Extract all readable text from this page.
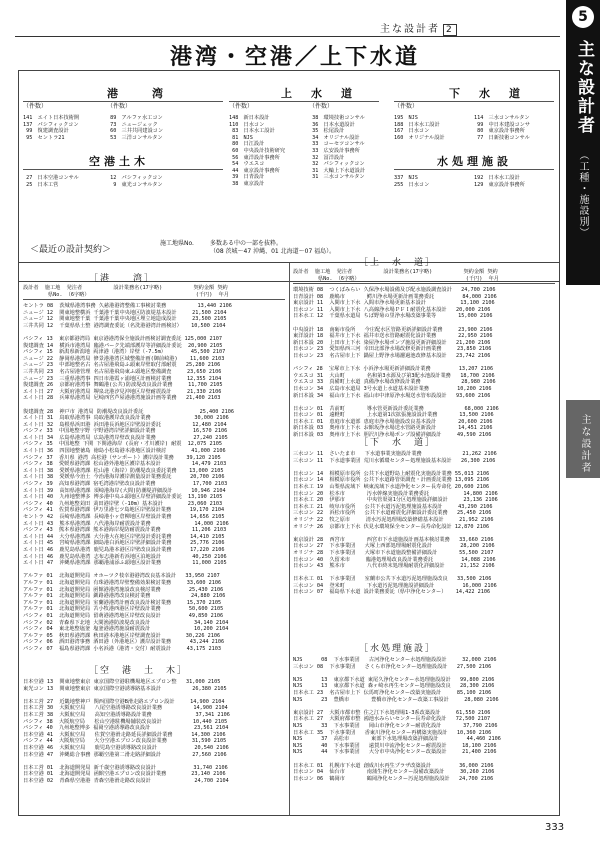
主な設計者 2
港湾・空港／上下水道
5
主な設計者
（工種・施設別）
主な設計者
港　　湾	上　水　道	下　水　道
（件数）	（件数）	（件数）	（件数）	（件数）
141　エイト日本技術開
137　パシフィックコン
99　復建調査設計
95　セントラ21
89　アルファ水工コン
73　ニュージェック
60　三井共同建設コン
53　三洋コンサルタン
148　新日本設計
110　日水コン
83　日本水工設計
81　NJS
80　日江設計
60　中央設計技術研究
56　東洋設計事務所
54　ウエスコ
44　東京設計事務所
39　日青設計
38　東京設計
38　環境技術コンサル
36　日本水道設計
35　松尾設計
34　オリジナル設計
33　コーセツコンサル
33　広安設計事務所
32　冨洋設計
32　パシフィックコン
31　大輪上下水道設計
31　三水コンサルタン
195　NJS
188　日本水工設計
167　日水コン
160　オリジナル設計
114　三水コンサルタン
99　中日本建設コンサ
80　東京設計事務所
77　日新技術コンサル
空港土木
27　日本空港コンサル
25　日本工営
12　パシフィックコン
9　東光コンサルタン
水処理施設
337　NJS
255　日水コン
192　日本水工設計
129　東京設計事務所
＜最近の設計契約＞
施工地県No.	多数ある中の一部を抜粋。
（08 茨城～47 沖縄、01 北海道～07 福島）。
［港　　湾］
設計者  施工地  発注者          設計業務名(17字略)          契約金額 契約
県No. （6字略）                                  (千円)  年月
セントラ 08  茨城県港湾事務 久慈港港湾整備工事検討業務          13,440 2106
ニュージ 12  関東地整横浜 千葉港千葉中央地区防波堤基本設計     21,500 2104
ニュージ 12  関東地整千葉 千葉港千葉中央地区埋立地造成設計     23,500 2105
三井共同 12  千葉県県土整 港湾調査委託（名洗港港湾計画検討）   10,500 2104

パシフィ 13  東京都港湾局 東京港港湾保全施設計画検討調査委託 125,000 2107
復建調査 14  横浜市港湾局 臨港パーク先端部護岸等詳細設計委託  20,900 2105
パシフィ 15  新潟県新潟地 両津港（港湾）岸壁（-7.5m）        45,500 2107
ニュージ 22  静岡県港湾局 修景港港湾区域整備計画(御前崎港)    11,600 2103
ニュージ 23  中部地整名古 名古屋港飛島ふ頭東岸壁取付部耐震   25,280 2106
三井共同 23  名古屋港管理 名古屋港飛鳥東ふ頭地区整備調査     23,650 2106
ニュージ 23  三重県港湾事 四日市港霞ヶ浦地区計画検討業務     12,355 2104
復建調査 26  京都府港湾事 舞鶴港(公共)防波堤改良設計業務     11,700 2105
エイト日 27  大阪府港湾局 堺泉北港汐見沖地区岸壁耐震設計     21,330 2106
エイト日 28  兵庫県港湾局 尼崎西宮芦屋港港湾施設計画等業務   21,400 2103

復建調査 28  神戸市 港湾局 防潮堤改良設計委託                  25,400 2106
エイト日 31  鳥取県港湾事 鳥取港護岸改良設計業務              30,000 2106
エイト日 32  島根県浜田港 浜田港長浜地区岸壁設計委託          12,480 2104
パシフィ 33  中国地整宇野 宇野港湾岸壁詳細設計業務            16,570 2106
エイト日 34  広島県港湾局 広島港湾岸壁改良設計業務            27,240 2105
パシフィ 35  中国地整 下関 下関港海岸 (長府・才川護岸) 耐震  12,075 2105
エイト日 36  四国地整徳島 徳島小松島港本港地区設計検討        41,000 2106
パシフィ 37  香川県 港湾 高松港（サンポート）護岸設計業務    39,120 2105
パシフィ 38  愛媛県港湾課 松山港外港地区護岸基本設計          14,479 2103
エイト日 38  愛媛県港湾課 松山港（海岸）防潮堤改良委託業務    13,000 2105
エイト日 38  愛媛県今治土 今治港海岸護岸測量設計業務委託      20,700 2106
パシフィ 39  高知県港湾課 宿毛湾港岸壁改良設計業務            17,700 2103
エイト日 39  高知県港湾課 須崎港海岸(大間)防潮堤詳細設計      10,946 2104
エイト日 40  九州地整博多 博多港中央ふ頭地区岸壁詳細設計委託  13,190 2105
パシフィ 40  九州地整苅田 苅田港岸壁（-10m）基本設計        23,060 2103
パシフィ 41  佐賀県港湾課 伊万里港七ツ島地区岸壁設計業務      19,170 2104
セントラ 42  長崎県港湾課 長崎港小ヶ倉柳地区岸壁設計業務      14,656 2105
エイト日 43  熊本県港湾課 八代港海岸耐震設計業務              14,000 2106
パシフィ 43  熊本県港湾課 熊本港海岸堤防耐震設計業務          11,206 2103
エイト日 44  大分県港湾課 大分港大在地区岸壁設計委託業務      14,410 2105
エイト日 45  宮崎県港湾課 細島港白浜地区岸壁詳細設計業務      25,776 2106
エイト日 46  鹿児島県港湾 鹿児島港本港区岸壁改良設計業務      17,220 2106
エイト日 46  鹿児島県港湾 志布志港新若浜地区泊地設計          40,250 2106
エイト日 47  沖縄県港湾課 那覇港浦添ふ頭地区設計業務          11,000 2105

アルファ 01  北海道開発局 オホーツク枝幸港港湾改良基本設計   33,950 2107
アルファ 01  北海道開発局 有珠港港湾岸壁整備効果検討業務     33,600 2106
アルファ 01  北海道開発局 函館港港湾施設改良検討業務         25,430 2106
アルファ 01  北海道開発局 釧路港港湾改良検討業務             24,880 2106
アルファ 01  北海道開発局 室蘭港港湾計画改良設計検討業務     15,370 2105
アルファ 01  北海道開発局 苫小牧港西港区岸壁設計業務         50,600 2105
パシフィ 01  北海道開発局 留萌港港湾地区岸壁改良設計         49,850 2106
パシフィ 02  青森県下北地 大間漁港防波堤改良設計              34,140 2104
パシフィ 04  東北地整塩釜 塩釜港港湾施設耐震設計              10,200 2104
アルファ 05  秋田県港湾課 秋田港本港地区岸壁調査設計        30,226 2106
パシフィ 06  酒田港湾事務 酒田港（外港地区）護岸設計業務      43,244 2106
パシフィ 07  福島県港湾課 小名浜港（港湾・交付）耐震設計     43,175 2103
［空　港　土　木］
日本空港 13  関東地整東京 東京国際空港駐機場地区エプロン整   31,000 2105
東光コン 13  関東地整東京 東京国際空港誘導路基本設計          26,380 2105

日本工営 27  近畿地整神戸 関西国際空港B滑走路エプロン設計     14,900 2104
日本工営 30  大阪航空局   八尾空港誘導路改良設計業務          14,900 2104
日本工営 38  大阪航空局   高知空港誘導路設計業務              37,341 2106
パシフィ 38  大阪航空局   松山空港駐機場舗装改良設計          10,440 2105
パシフィ 40  九州地整博多 福岡空港誘導路改良設計              23,561 2104
日本空港 41  大阪航空局   佐賀空港滑走路延長詳細設計業務      14,300 2106
パシフィ 44  大阪航空局   大分空港エプロン改良設計業務        31,590 2105
日本空港 46  大阪航空局   鹿児島空港誘導路改良設計            20,540 2106
日本空港 47  沖縄総合事務 那覇空港第二滑走路詳細設計          27,560 2106

日本工営 01  北海道開発局 新千歳空港誘導路改良設計            31,740 2106
日本空港 01  北海道開発局 函館空港エプロン改良設計業務        23,140 2106
日本空港 02  青森県空港港 青森空港滑走路改良設計              24,700 2104
［上　水　道］
設計者  施工地  発注者          設計業務名(17字略)          契約金額 契約
県No. （6字略）                                  (千円)  年月
環境技術 08  つくばみらい 久保浄水場設備及び配水施設調査設計   24,700 2106
日青設計 08  鹿嶋市       鰐川浄水場更新計画業務委託         84,000 2106
東京設計 11  入間市上下水 入間市浄水場更新基本設計           13,100 2106
日水コン 11  入間市上下水 八高線浄水場ＰＦＩ耐震化基本設計   20,000 2106
日本水工 12  千葉県水道局 ちば野菊の里浄水場改築事業等       15,000 2106

中央設計 18  南砺市役所   今庄配水区管路更新詳細設計業務     23,900 2106
東洋設計 18  福井市上下水 福井市送水管路耐震化設計業務       22,950 2106
新日本設 20  上田市上下水 染屋浄水場ポンプ施設更新詳細設計   21,200 2106
日水コン 23  愛知県西三河 幸田北部浄水場改修更新計画業務     23,850 2106
日水コン 23  名古屋市上下 鍋屋上野浄水場濾過池改修基本設計   23,742 2106

パシフィ 28  宝塚市上下水 小浜浄水場更新詳細設計業務         13,207 2106
ウエスコ 31  大山町       名和第3水源及び第3配水池設計業務   18,700 2106
ウエスコ 33  真備町上水道 真備浄水場改修設計業務             28,980 2106
日水コン 34  広島市水道局 3号水道上水道基本設計業務         10,200 2106
新日本設 34  福山市上下水 福山市中津原浄水場送水管布設設計   93,600 2106

日水コン 01  苫前町       導水管更新設計委託業務             68,000 2106
日水コン 01  遠軽町       上水道第1次拡張施設設計業務       13,500 2106
日本水工 01  恵庭市水道部 恵庭市浄水場施設改良基本設計       20,600 2106
新日本設 03  奥州市上下水 お館坂浄水場送水管路更新設計       14,451 2106
新日本設 03  奥州市上下水 胆沢川浄水場ポンプ設備詳細設計     49,590 2106
［下　水　道］
三水コン 11  さいたま市   下水道事業実施設計業務             21,262 2106
三水コン 11  下水道事業団 荒川水循環センター処理施設基本設計   26,300 2106

日水コン 14  相模原市役所 公共下水道野島上耐震化実施設計業務 55,013 2106
日水コン 14  相模原市役所 公共下水道路管渠調査・計画委託業務 13,095 2106
日本水工 19  山梨県流域下 峡東流域下水道浄化センター長寿命化 20,600 2106
日水コン 20  松本市       汚水幹線実施設計業務委託           14,800 2106
日本水工 20  伊那市       中央管渠第1分区処理施設詳細設計     23,136 2106
日本水工 21  岐阜市役所   公共下水道汚泥処理施設基本設計     43,290 2106
三水コン 22  浜松市役所   公共下水道耐震化詳細設計委託業務   25,450 2106
オリジナ 22  牧之原市     清水汚泥処理場改築修繕基本設計     21,952 2106
オリジナ 26  京都市上下水 伏見水環境保全センター長寿命化設計 12,870 2106

東京設計 28  西宮市       西宮市下水道施設計画基本検討業務   33,660 2106
日水コン 27  下水事業団   大塚上西部処理場耐震化設計         28,200 2106
オリジナ 28  下水事業団   大塚市下水道施設整備詳細設計       55,500 2107
日水コン 40  久留米市     臨港処理場改良設計業務委託         14,088 2106
日水コン 43  熊本市       八代市終末処理場耐震化詳細設計     21,152 2106

日本水工 01  下水事業団   室蘭市公共下水道汚泥処理施設改良   33,500 2106
三水コン 04  登米町       下水道汚泥処理施設詳細設計         16,000 2106
日水コン 07  福島県下水道 設計業務委託（県中浄化センター）   14,422 2106
［水処理施設］
NJS      08  下水事業団   古河浄化センター水処理施設設計     32,000 2106
三水コン 08  下水事業団   さくら市浄化センター処理施設設計   27,500 2106

NJS      13  東京都下水道 東尾久浄化センター水処理施設設計   99,800 2106
NJS      13  東京都下水道 森ヶ崎水再生センター処理施設改良   28,300 2106
日本水工 23  名古屋市上下 伝馬町浄化センター改築実施設計     85,100 2106
NJS      23  豊橋市       豊橋市浄化センター改築工事設計     28,080 2106

東京設計 27  大阪市都市整 住之江下水処理場1-3系改築設計     61,550 2106
日本水工 27  大阪府都市整 鴻池水みらいセンター長寿命化設計   72,500 2107
NJS      33  下水事業団   岡山市浄化センター耐震化設計       37,790 2106
日本水工 35  下水事業団   香東川浄化センター再構築実施設計   10,360 2106
NJS      37  高松市       東部下水処理場改築詳細設計         44,460 2106
NJS      40  下水事業団   遠賀川中流浄化センター耐震設計     18,100 2106
NJS      44  下水事業団   大分市中央浄化センター改築設計     21,400 2106

日本水工 01  札幌市下水道 創成川水再生プラザ改築設計         36,000 2106
日水コン 04  仙台市       南蒲生浄化センター設備改築設計     30,260 2106
日水コン 06  鶴岡市       鶴岡浄化センター汚泥処理施設設計   24,700 2106
333
